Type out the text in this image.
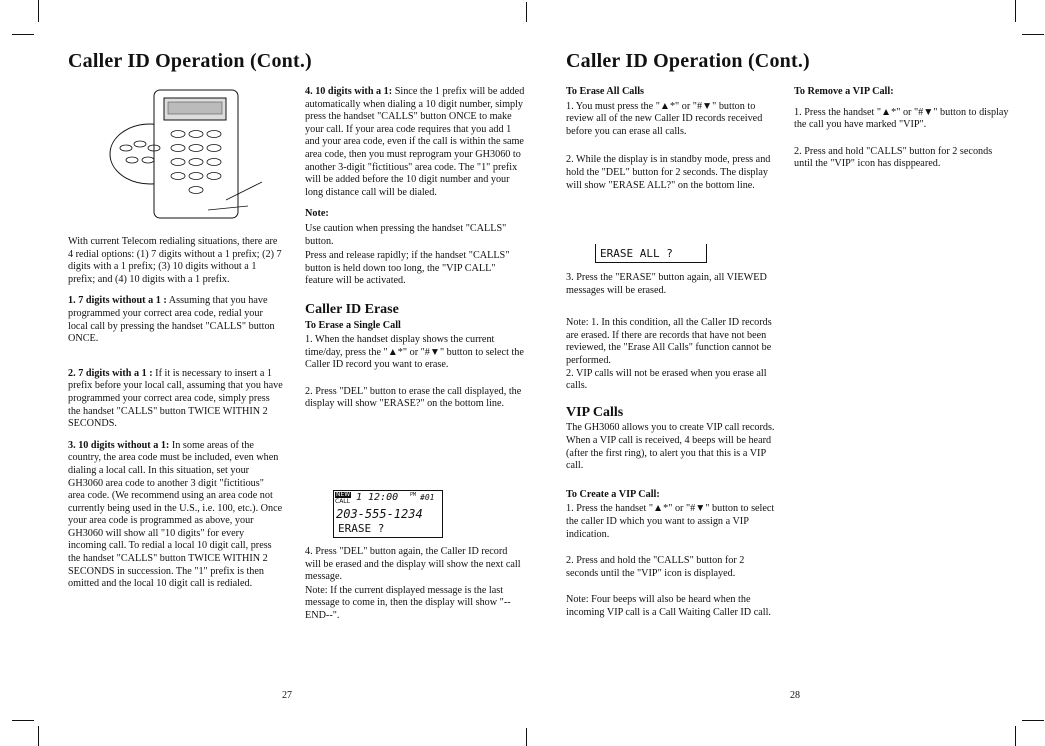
Caller ID Operation (Cont.)

With current Telecom redialing situations, there are 4 redial options: (1) 7 digits without a 1 prefix; (2) 7 digits with a 1 prefix; (3) 10 digits without a 1 prefix; and (4) 10 digits with a 1 prefix.

1. 7 digits without a 1 : Assuming that you have programmed your correct area code, redial your local call by pressing the handset "CALLS" button ONCE.

2. 7 digits with a 1 : If it is necessary to insert a 1 prefix before your local call, assuming that you have programmed your correct area code, simply press the handset "CALLS" button TWICE WITHIN 2 SECONDS.

3. 10 digits without a 1: In some areas of the country, the area code must be included, even when dialing a local call. In this situation, set your GH3060 area code to another 3 digit "fictitious" area code. (We recommend using an area code not currently being used in the U.S., i.e. 100, etc.). Once your area code is programmed as above, your GH3060 will show all "10 digits" for every incoming call. To redial a local 10 digit call, press the handset "CALLS" button TWICE WITHIN 2 SECONDS in succession. The "1" prefix is then omitted and the local 10 digit call is redialed.

4. 10 digits with a 1: Since the 1 prefix will be added automatically when dialing a 10 digit number, simply press the handset "CALLS" button ONCE to make your call. If your area code requires that you add 1 and your area code, even if the call is within the same area code, then you must reprogram your GH3060 to another 3-digit "fictitious" area code. The "1" prefix will be added before the 10 digit number and your long distance call will be dialed.

Note:

Use caution when pressing the handset "CALLS" button.

Press and release rapidly; if the handset "CALLS" button is held down too long, the "VIP CALL" feature will be activated.

Caller ID Erase
To Erase a Single Call

1. When the handset display shows the current time/day, press the "▲*" or "#▼" button to select the Caller ID record you want to erase.

2. Press "DEL" button to erase the call displayed, the display will show "ERASE?" on the bottom line.

NEW
CALL 1 12:00 PM #01
203-555-1234
ERASE ?

4. Press "DEL" button again, the Caller ID record will be erased and the display will show the next call message.

Note: If the current displayed message is the last message to come in, then the display will show "--END--".

27
Caller ID Operation (Cont.)
To Erase All Calls

1. You must press the "▲*" or "#▼" button to review all of the new Caller ID records received before you can erase all calls.

2. While the display is in standby mode, press and hold the "DEL" button for 2 seconds. The display will show "ERASE ALL?" on the bottom line.

ERASE ALL ?

3. Press the "ERASE" button again, all VIEWED messages will be erased.

Note: 1. In this condition, all the Caller ID records are erased. If there are records that have not been reviewed, the "Erase All Calls" function cannot be performed.

2. VIP calls will not be erased when you erase all calls.

VIP Calls

The GH3060 allows you to create VIP call records. When a VIP call is received, 4 beeps will be heard (after the first ring), to alert you that this is a VIP call.

To Create a VIP Call:

1. Press the handset "▲*" or "#▼" button to select the caller ID which you want to assign a VIP indication.

2. Press and hold the "CALLS" button for 2 seconds until the "VIP" icon is displayed.

Note: Four beeps will also be heard when the incoming VIP call is a Call Waiting Caller ID call.

To Remove a VIP Call:

1. Press the handset "▲*" or "#▼" button to display the call you have marked "VIP".

2. Press and hold "CALLS" button for 2 seconds until the "VIP" icon has disppeared.

28
